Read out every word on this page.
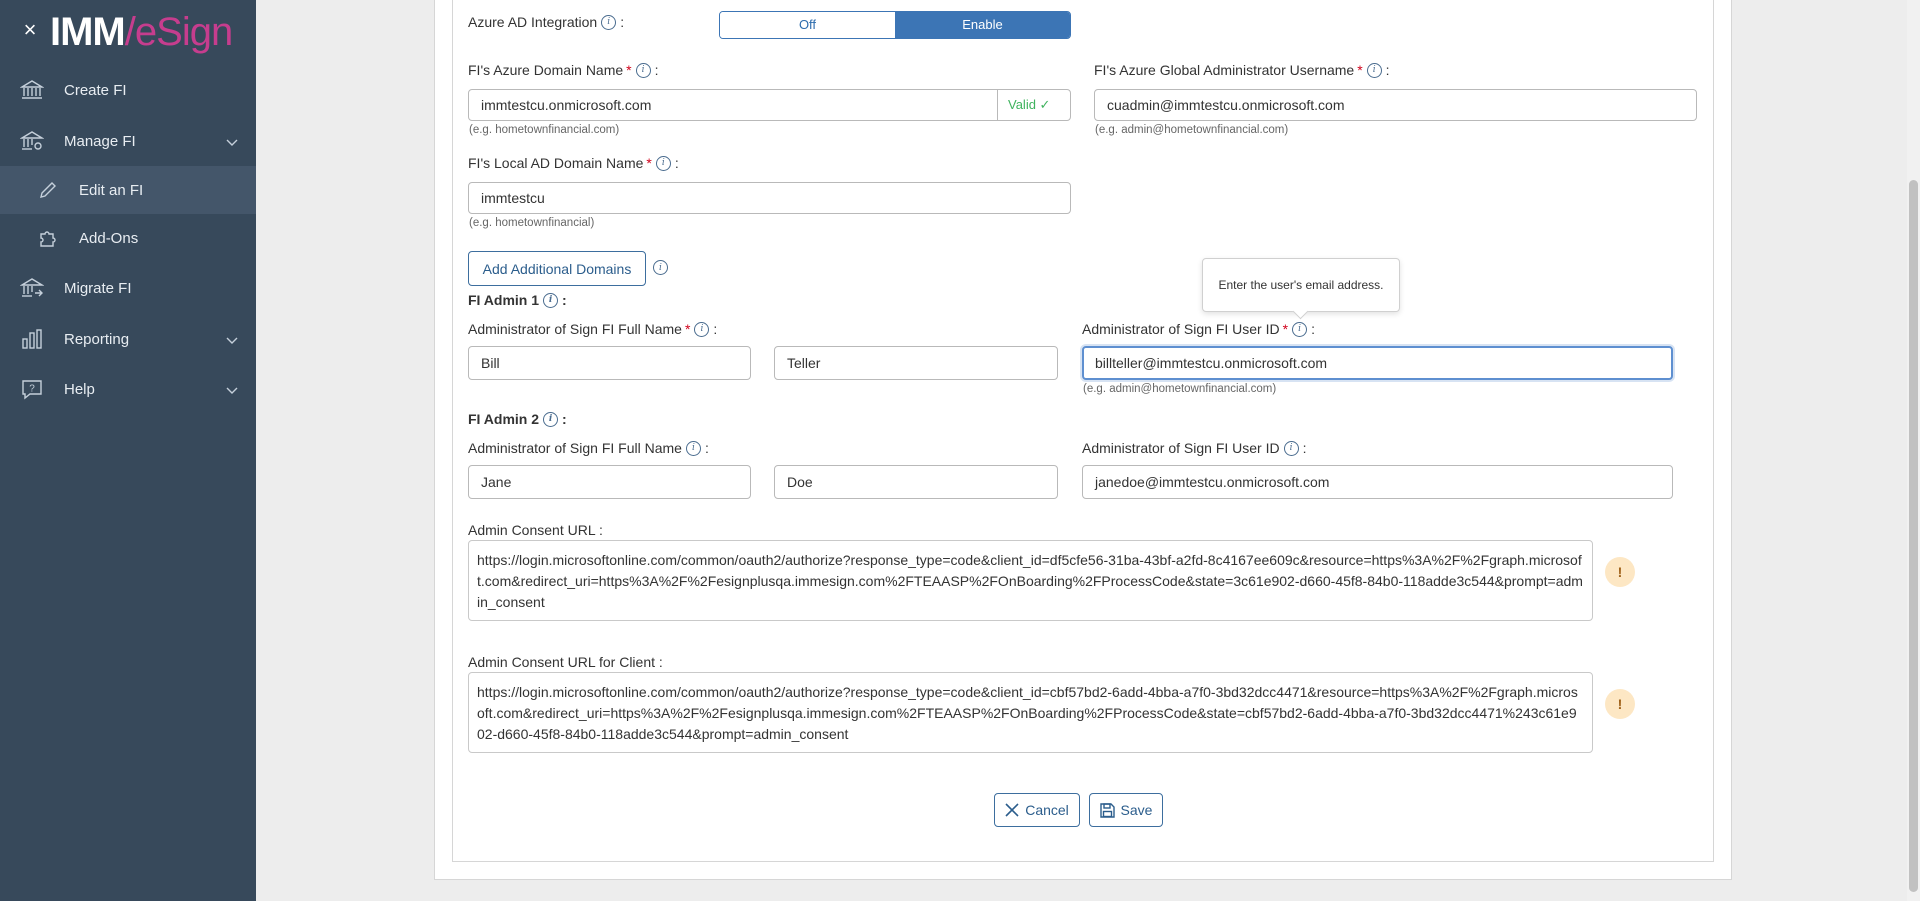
× IMM/eSign
Create FI
Manage FI
Edit an FI
Add-Ons
Migrate FI
Reporting
? Help
Azure AD Integration	i :	Off	Enable
FI's Azure Domain Name *	i :
immtestcu.onmicrosoft.com	Valid ✓
(e.g. hometownfinancial.com)
FI's Azure Global Administrator Username *	i :
cuadmin@immtestcu.onmicrosoft.com
(e.g. admin@hometownfinancial.com)
FI's Local AD Domain Name *	i :
immtestcu
(e.g. hometownfinancial)
Add Additional Domains	i
FI Admin 1	i :
Administrator of Sign FI Full Name *	i :
Bill	Teller
Enter the user's email address.
Administrator of Sign FI User ID *	i :
billteller@immtestcu.onmicrosoft.com
(e.g. admin@hometownfinancial.com)
FI Admin 2	i :
Administrator of Sign FI Full Name	i :
Jane	Doe
Administrator of Sign FI User ID	i :
janedoe@immtestcu.onmicrosoft.com
Admin Consent URL :
https://login.microsoftonline.com/common/oauth2/authorize?response_type=code&client_id=df5cfe56-31ba-43bf-a2fd-8c4167ee609c&resource=https%3A%2F%2Fgraph.microsoft.com&redirect_uri=https%3A%2F%2Fesignplusqa.immesign.com%2FTEAASP%2FOnBoarding%2FProcessCode&state=3c61e902-d660-45f8-84b0-118adde3c544&prompt=admin_consent
!
Admin Consent URL for Client :
https://login.microsoftonline.com/common/oauth2/authorize?response_type=code&client_id=cbf57bd2-6add-4bba-a7f0-3bd32dcc4471&resource=https%3A%2F%2Fgraph.microsoft.com&redirect_uri=https%3A%2F%2Fesignplusqa.immesign.com%2FTEAASP%2FOnBoarding%2FProcessCode&state=cbf57bd2-6add-4bba-a7f0-3bd32dcc4471%243c61e902-d660-45f8-84b0-118adde3c544&prompt=admin_consent
!
Cancel	Save
